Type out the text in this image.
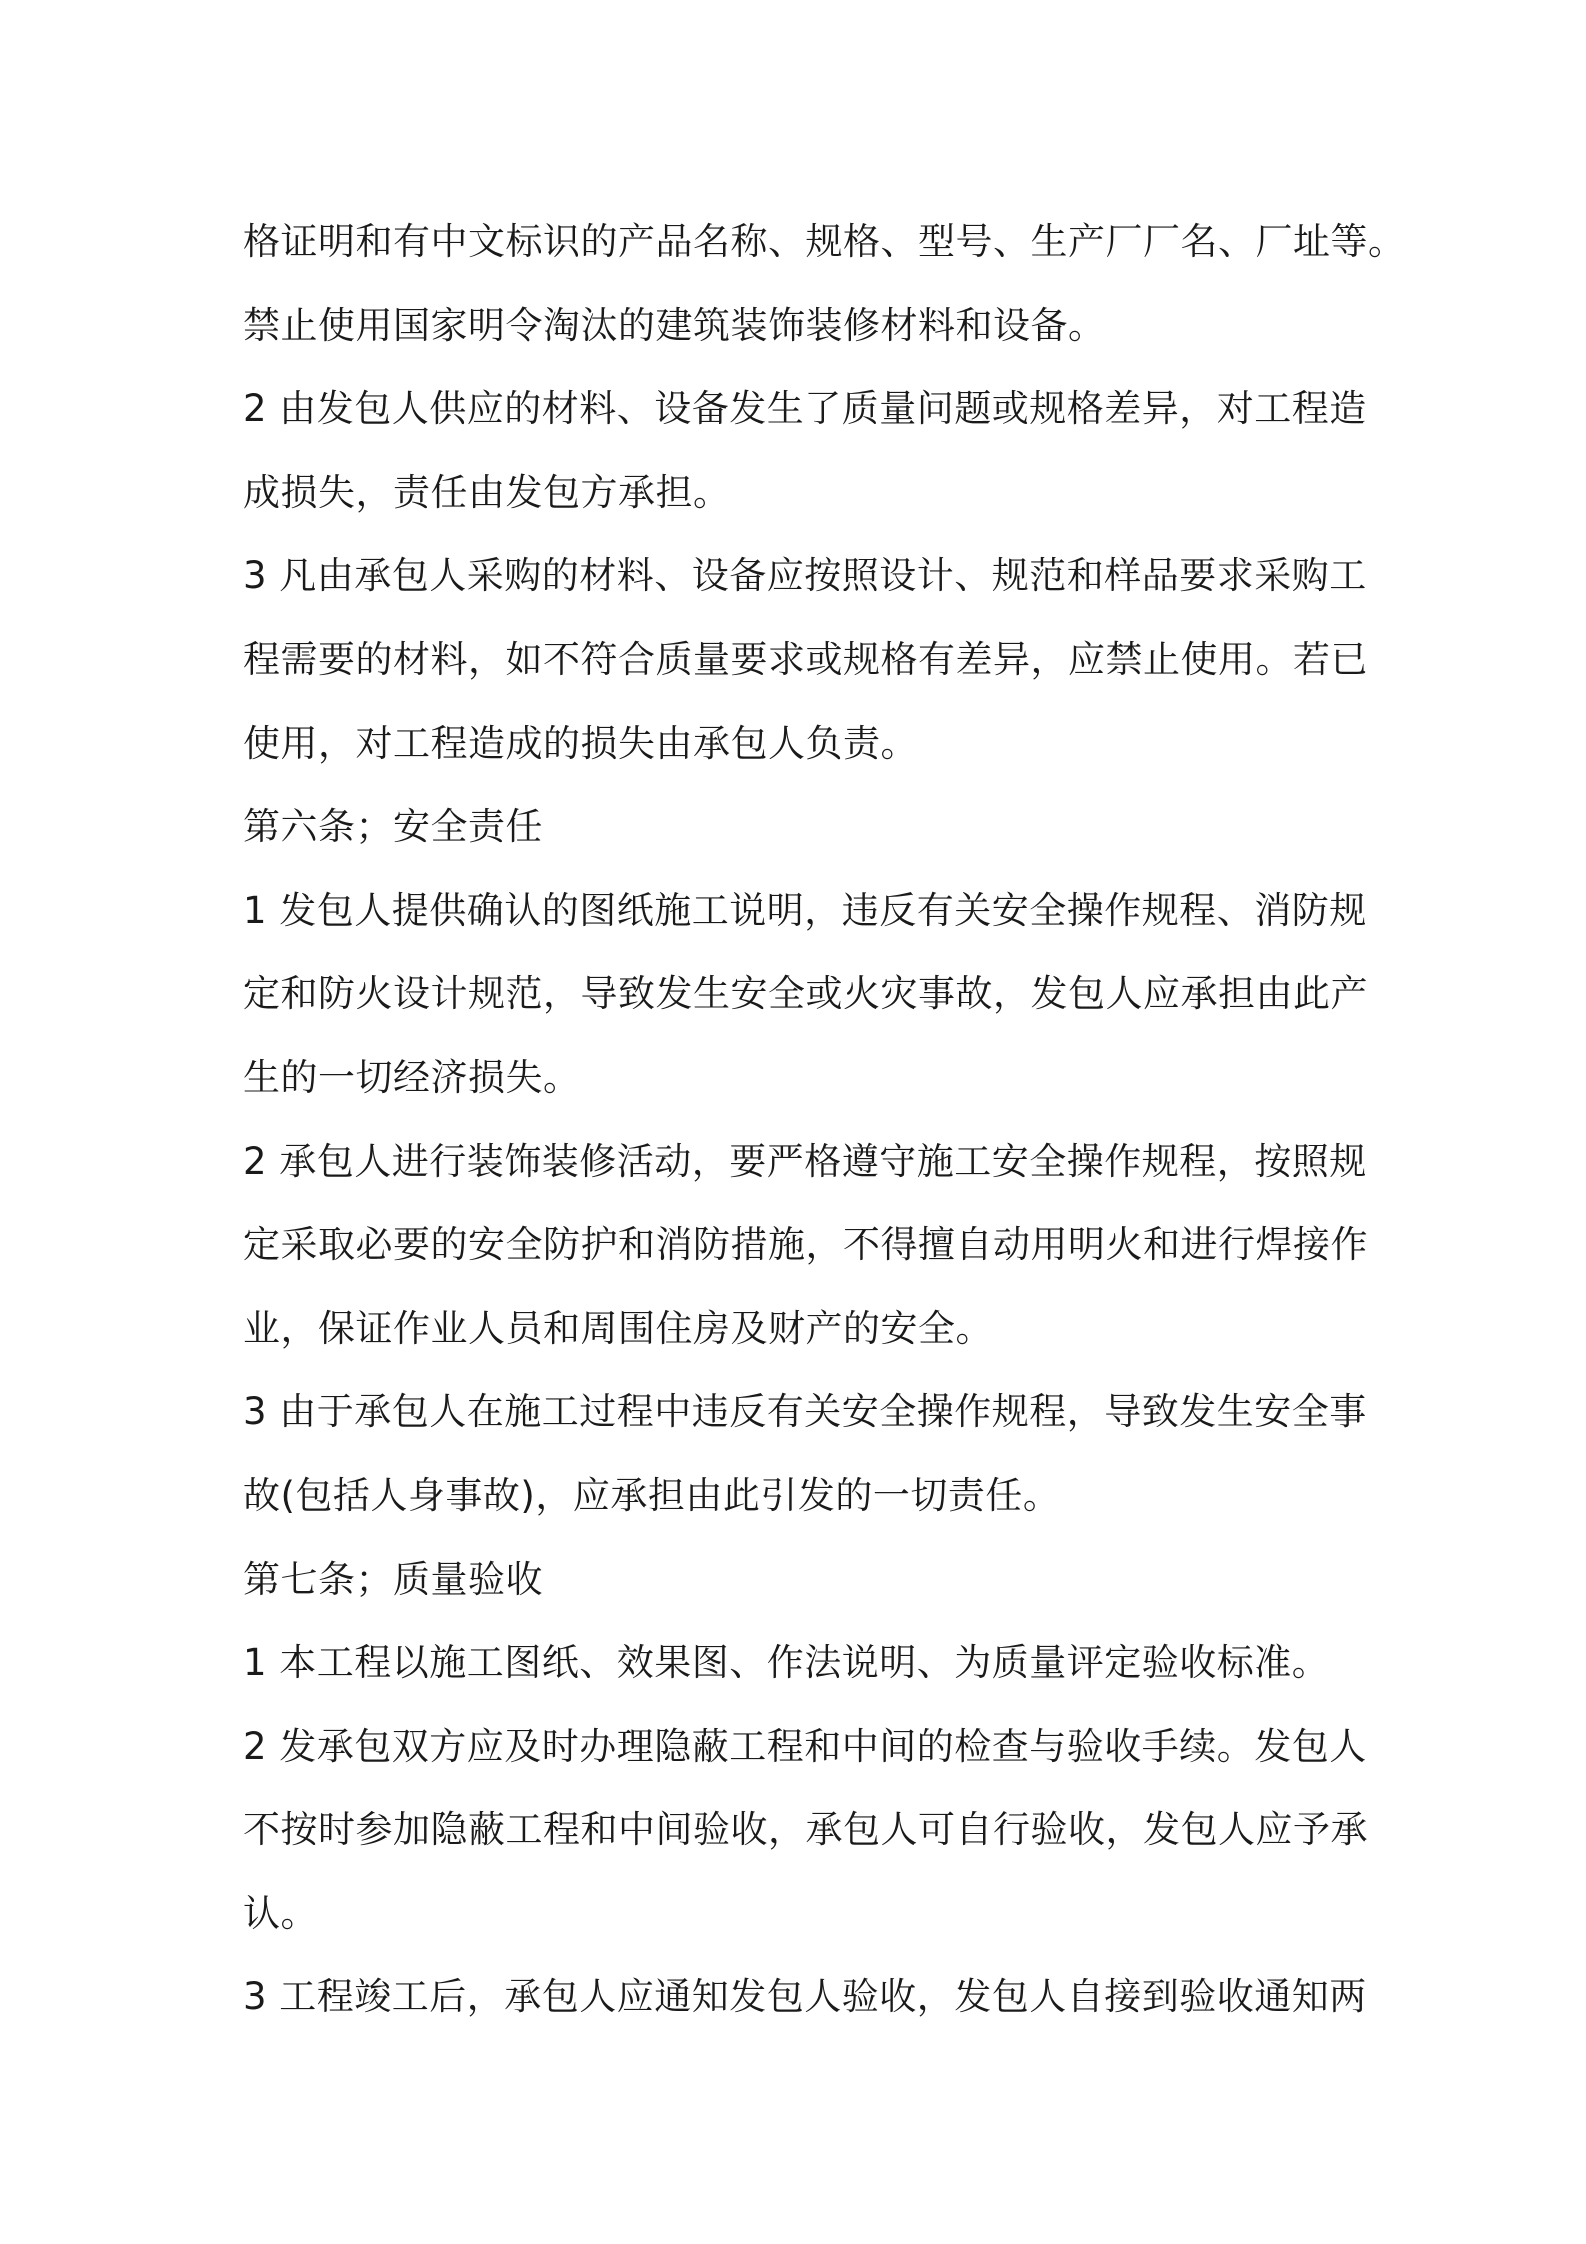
格证明和有中文标识的产品名称、规格、型号、生产厂厂名、厂址等。
禁止使用国家明令淘汰的建筑装饰装修材料和设备。
2 由发包人供应的材料、设备发生了质量问题或规格差异，对工程造
成损失，责任由发包方承担。
3 凡由承包人采购的材料、设备应按照设计、规范和样品要求采购工
程需要的材料，如不符合质量要求或规格有差异，应禁止使用。若已
使用，对工程造成的损失由承包人负责。
第六条；安全责任
1 发包人提供确认的图纸施工说明，违反有关安全操作规程、消防规
定和防火设计规范，导致发生安全或火灾事故，发包人应承担由此产
生的一切经济损失。
2 承包人进行装饰装修活动，要严格遵守施工安全操作规程，按照规
定采取必要的安全防护和消防措施，不得擅自动用明火和进行焊接作
业，保证作业人员和周围住房及财产的安全。
3 由于承包人在施工过程中违反有关安全操作规程，导致发生安全事
故(包括人身事故)，应承担由此引发的一切责任。
第七条；质量验收
1 本工程以施工图纸、效果图、作法说明、为质量评定验收标准。
2 发承包双方应及时办理隐蔽工程和中间的检查与验收手续。发包人
不按时参加隐蔽工程和中间验收，承包人可自行验收，发包人应予承
认。
3 工程竣工后，承包人应通知发包人验收，发包人自接到验收通知两
